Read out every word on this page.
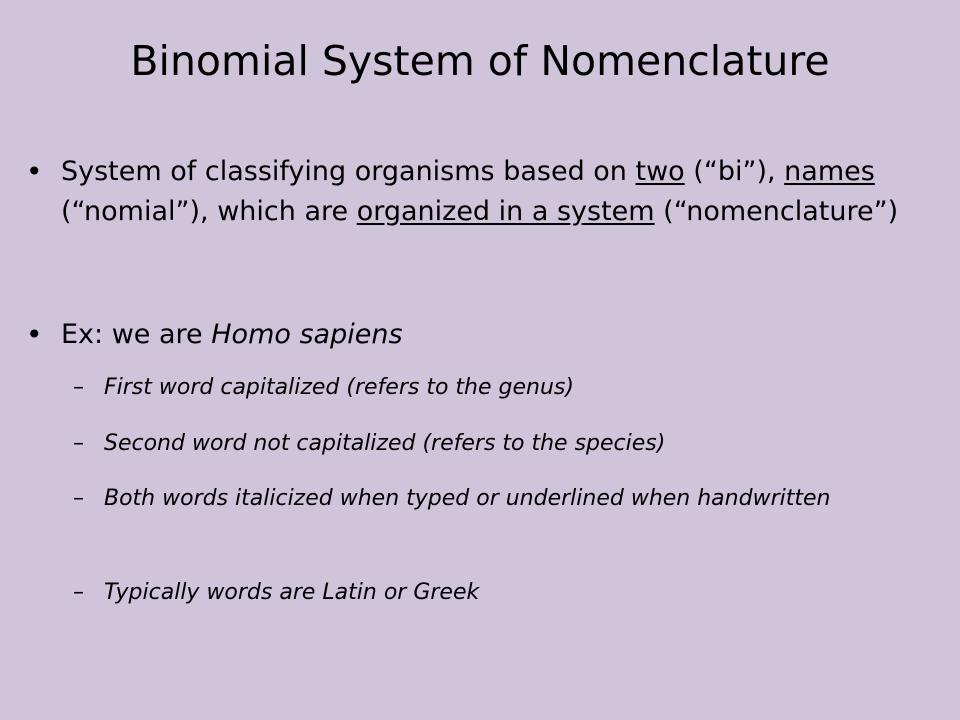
Binomial System of Nomenclature
• System of classifying organisms based on two (“bi”), names (“nomial”), which are organized in a system (“nomenclature”)
• Ex: we are Homo sapiens
– First word capitalized (refers to the genus)
– Second word not capitalized (refers to the species)
– Both words italicized when typed or underlined when handwritten
– Typically words are Latin or Greek
